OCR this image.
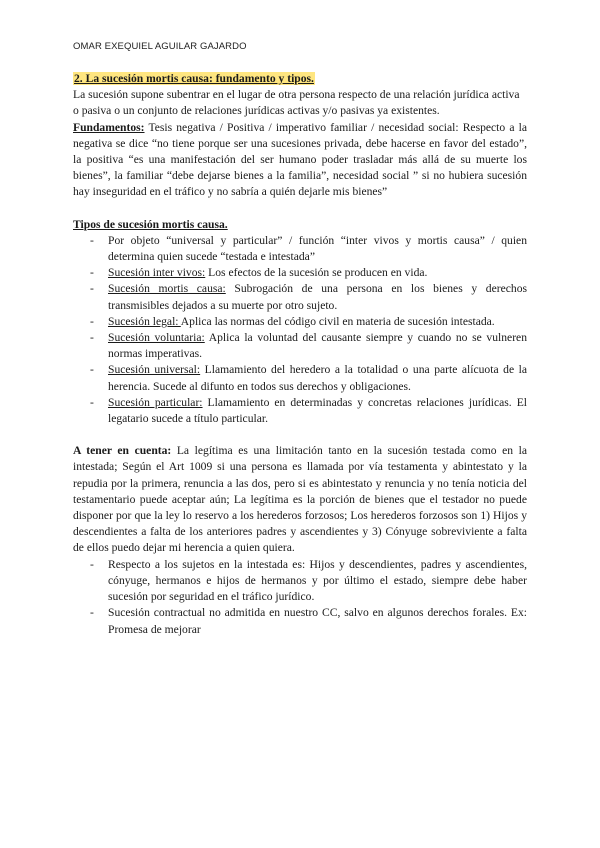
OMAR EXEQUIEL AGUILAR GAJARDO
2. La sucesión mortis causa: fundamento y tipos.

La sucesión supone subentrar en el lugar de otra persona respecto de una relación jurídica activa o pasiva o un conjunto de relaciones jurídicas activas y/o pasivas ya existentes.

Fundamentos: Tesis negativa / Positiva / imperativo familiar / necesidad social: Respecto a la negativa se dice “no tiene porque ser una sucesiones privada, debe hacerse en favor del estado”, la positiva “es una manifestación del ser humano poder trasladar más allá de su muerte los bienes”, la familiar “debe dejarse bienes a la familia”, necesidad social ” si no hubiera sucesión hay inseguridad en el tráfico y no sabría a quién dejarle mis bienes”

Tipos de sucesión mortis causa.

- Por objeto “universal y particular” / función “inter vivos y mortis causa” / quien determina quien sucede “testada e intestada”
- Sucesión inter vivos: Los efectos de la sucesión se producen en vida.
- Sucesión mortis causa: Subrogación de una persona en los bienes y derechos transmisibles dejados a su muerte por otro sujeto.
- Sucesión legal: Aplica las normas del código civil en materia de sucesión intestada.
- Sucesión voluntaria: Aplica la voluntad del causante siempre y cuando no se vulneren normas imperativas.
- Sucesión universal: Llamamiento del heredero a la totalidad o una parte alícuota de la herencia. Sucede al difunto en todos sus derechos y obligaciones.
- Sucesión particular: Llamamiento en determinadas y concretas relaciones jurídicas. El legatario sucede a título particular.

A tener en cuenta: La legítima es una limitación tanto en la sucesión testada como en la intestada; Según el Art 1009 si una persona es llamada por vía testamenta y abintestato y la repudia por la primera, renuncia a las dos, pero si es abintestato y renuncia y no tenía noticia del testamentario puede aceptar aún; La legítima es la porción de bienes que el testador no puede disponer por que la ley lo reservo a los herederos forzosos; Los herederos forzosos son 1) Hijos y descendientes a falta de los anteriores padres y ascendientes y 3) Cónyuge sobreviviente a falta de ellos puedo dejar mi herencia a quien quiera.

- Respecto a los sujetos en la intestada es: Hijos y descendientes, padres y ascendientes, cónyuge, hermanos e hijos de hermanos y por último el estado, siempre debe haber sucesión por seguridad en el tráfico jurídico.
- Sucesión contractual no admitida en nuestro CC, salvo en algunos derechos forales. Ex: Promesa de mejorar
